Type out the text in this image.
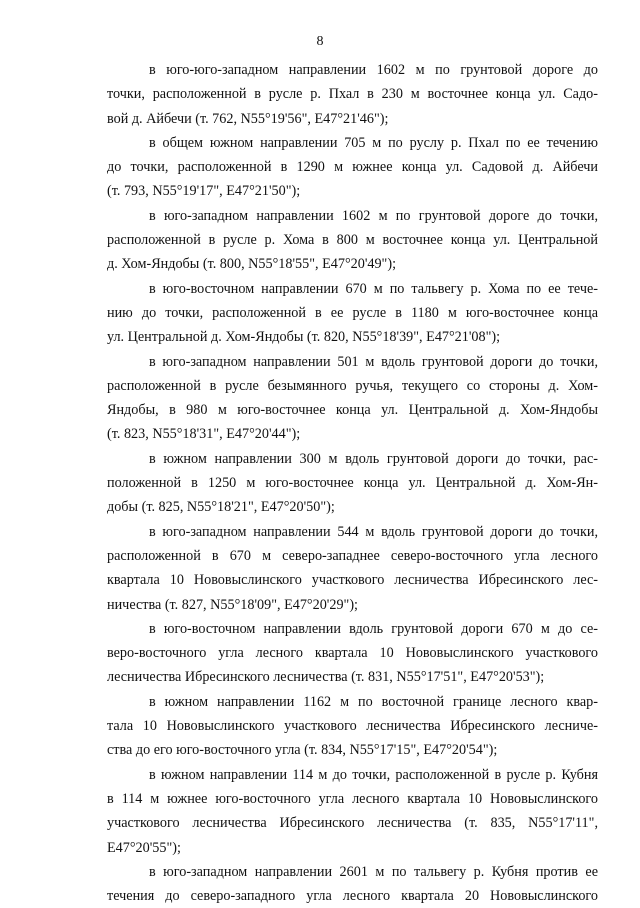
8
в юго-юго-западном направлении 1602 м по грунтовой дороге до
точки, расположенной в русле р. Пхал в 230 м восточнее конца ул. Садо-
вой д. Айбечи (т. 762, N55°19'56", E47°21'46");
в общем южном направлении 705 м по руслу р. Пхал по ее течению
до точки, расположенной в 1290 м южнее конца ул. Садовой д. Айбечи
(т. 793, N55°19'17", E47°21'50");
в юго-западном направлении 1602 м по грунтовой дороге до точки,
расположенной в русле р. Хома в 800 м восточнее конца ул. Центральной
д. Хом-Яндобы (т. 800, N55°18'55", E47°20'49");
в юго-восточном направлении 670 м по тальвегу р. Хома по ее тече-
нию до точки, расположенной в ее русле в 1180 м юго-восточнее конца
ул. Центральной д. Хом-Яндобы (т. 820, N55°18'39", E47°21'08");
в юго-западном направлении 501 м вдоль грунтовой дороги до точки,
расположенной в русле безымянного ручья, текущего со стороны д. Хом-
Яндобы, в 980 м юго-восточнее конца ул. Центральной д. Хом-Яндобы
(т. 823, N55°18'31", E47°20'44");
в южном направлении 300 м вдоль грунтовой дороги до точки, рас-
положенной в 1250 м юго-восточнее конца ул. Центральной д. Хом-Ян-
добы (т. 825, N55°18'21", E47°20'50");
в юго-западном направлении 544 м вдоль грунтовой дороги до точки,
расположенной в 670 м северо-западнее северо-восточного угла лесного
квартала 10 Нововыслинского участкового лесничества Ибресинского лес-
ничества (т. 827, N55°18'09", E47°20'29");
в юго-восточном направлении вдоль грунтовой дороги 670 м до се-
веро-восточного угла лесного квартала 10 Нововыслинского участкового
лесничества Ибресинского лесничества (т. 831, N55°17'51", E47°20'53");
в южном направлении 1162 м по восточной границе лесного квар-
тала 10 Нововыслинского участкового лесничества Ибресинского лесниче-
ства до его юго-восточного угла (т. 834, N55°17'15", E47°20'54");
в южном направлении 114 м до точки, расположенной в русле р. Кубня
в 114 м южнее юго-восточного угла лесного квартала 10 Нововыслинского
участкового лесничества Ибресинского лесничества (т. 835, N55°17'11",
E47°20'55");
в юго-западном направлении 2601 м по тальвегу р. Кубня против ее
течения до северо-западного угла лесного квартала 20 Нововыслинского
